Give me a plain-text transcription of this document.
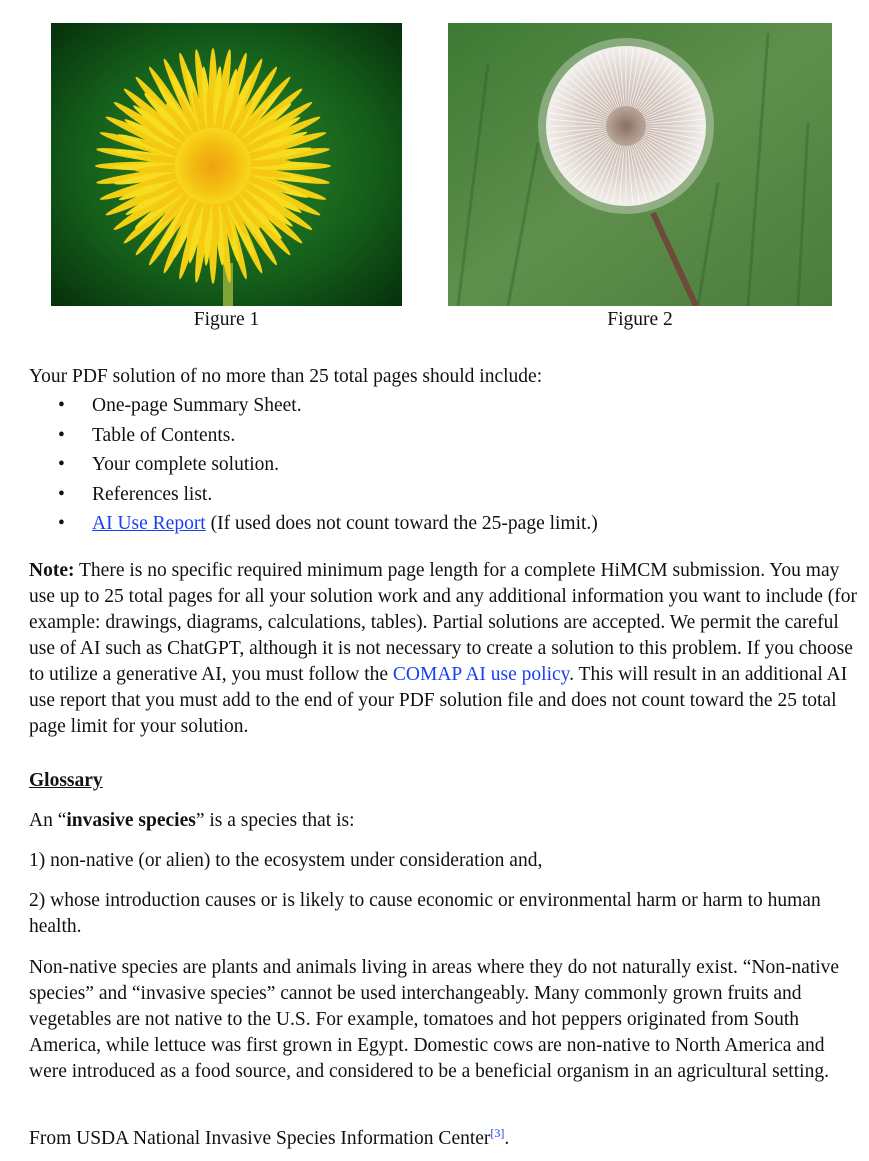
Figure 1	Figure 2

Your PDF solution of no more than 25 total pages should include:

• One-page Summary Sheet.
• Table of Contents.
• Your complete solution.
• References list.
• AI Use Report (If used does not count toward the 25-page limit.)

Note: There is no specific required minimum page length for a complete HiMCM submission. You may use up to 25 total pages for all your solution work and any additional information you want to include (for example: drawings, diagrams, calculations, tables). Partial solutions are accepted. We permit the careful use of AI such as ChatGPT, although it is not necessary to create a solution to this problem. If you choose to utilize a generative AI, you must follow the COMAP AI use policy. This will result in an additional AI use report that you must add to the end of your PDF solution file and does not count toward the 25 total page limit for your solution.

Glossary

An “invasive species” is a species that is:

1) non-native (or alien) to the ecosystem under consideration and,

2) whose introduction causes or is likely to cause economic or environmental harm or harm to human health.

Non-native species are plants and animals living in areas where they do not naturally exist. “Non-native species” and “invasive species” cannot be used interchangeably. Many commonly grown fruits and vegetables are not native to the U.S. For example, tomatoes and hot peppers originated from South America, while lettuce was first grown in Egypt. Domestic cows are non-native to North America and were introduced as a food source, and considered to be a beneficial organism in an agricultural setting.

From USDA National Invasive Species Information Center[3].
